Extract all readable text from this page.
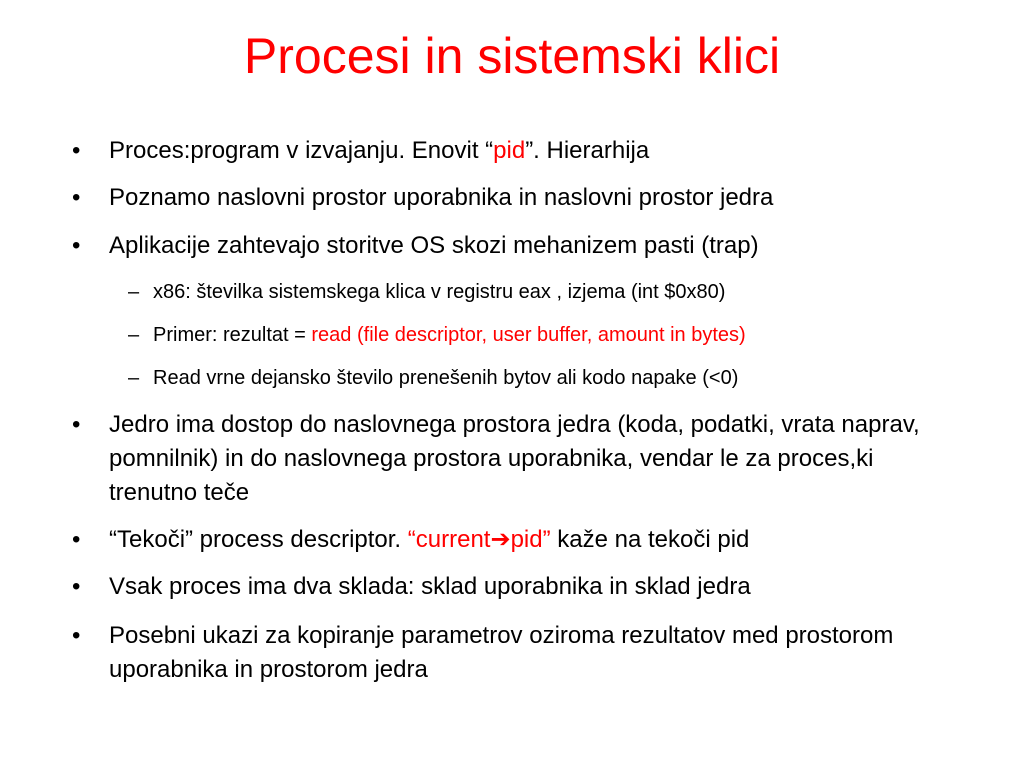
Procesi in sistemski klici
• Proces:program v izvajanju. Enovit “pid”. Hierarhija
• Poznamo naslovni prostor uporabnika in naslovni prostor jedra
• Aplikacije zahtevajo storitve OS skozi mehanizem pasti (trap)
– x86: številka sistemskega klica v registru eax , izjema (int $0x80)
– Primer: rezultat = read (file descriptor, user buffer, amount in bytes)
– Read vrne dejansko število prenešenih bytov ali kodo napake (<0)
• Jedro ima dostop do naslovnega prostora jedra (koda, podatki, vrata naprav, pomnilnik) in do naslovnega prostora uporabnika, vendar le za proces,ki trenutno teče
• “Tekoči” process descriptor. “current➔pid” kaže na tekoči pid
• Vsak proces ima dva sklada: sklad uporabnika in sklad jedra
• Posebni ukazi za kopiranje parametrov oziroma rezultatov med prostorom uporabnika in prostorom jedra
